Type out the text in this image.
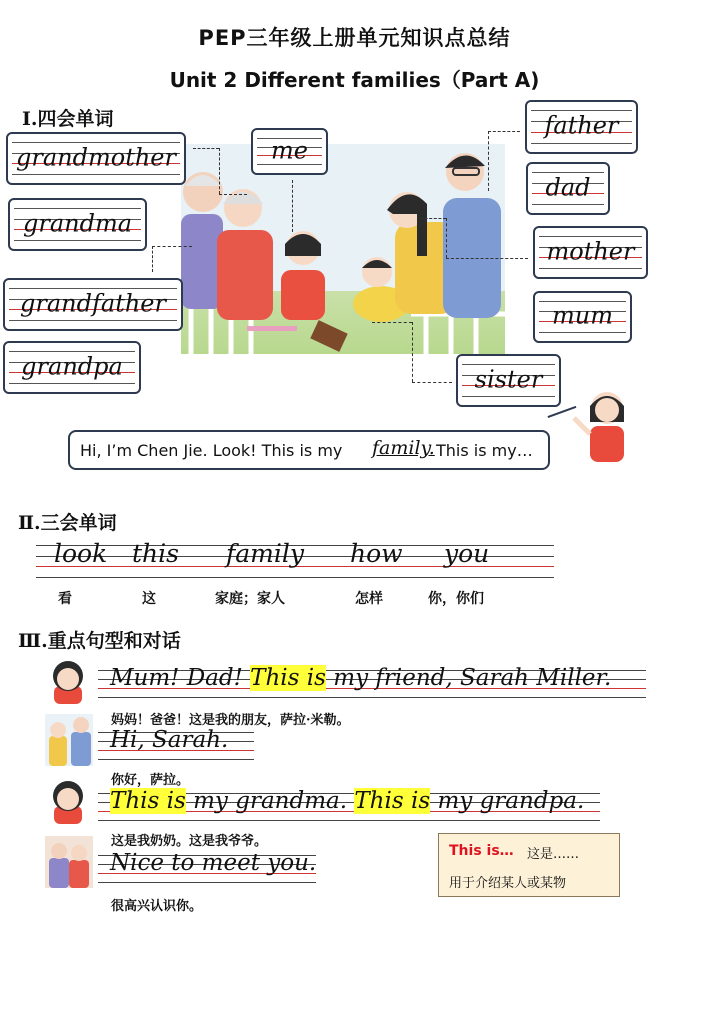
PEP三年级上册单元知识点总结
Unit 2 Different families（Part A)
Ⅰ.四会单词
grandmother
grandma
grandfather
grandpa
me
father
dad
mother
mum
sister
Hi, I’m Chen Jie. Look! This is my family. This is my…
Ⅱ.三会单词
look this family how you
看	这	家庭；家人	怎样	你，你们
Ⅲ.重点句型和对话
Mum! Dad! This is my friend, Sarah Miller.
妈妈！爸爸！这是我的朋友，萨拉·米勒。
Hi, Sarah.
你好，萨拉。
This is my grandma. This is my grandpa.
这是我奶奶。这是我爷爷。
Nice to meet you.
很高兴认识你。
This is… 这是……
用于介绍某人或某物
